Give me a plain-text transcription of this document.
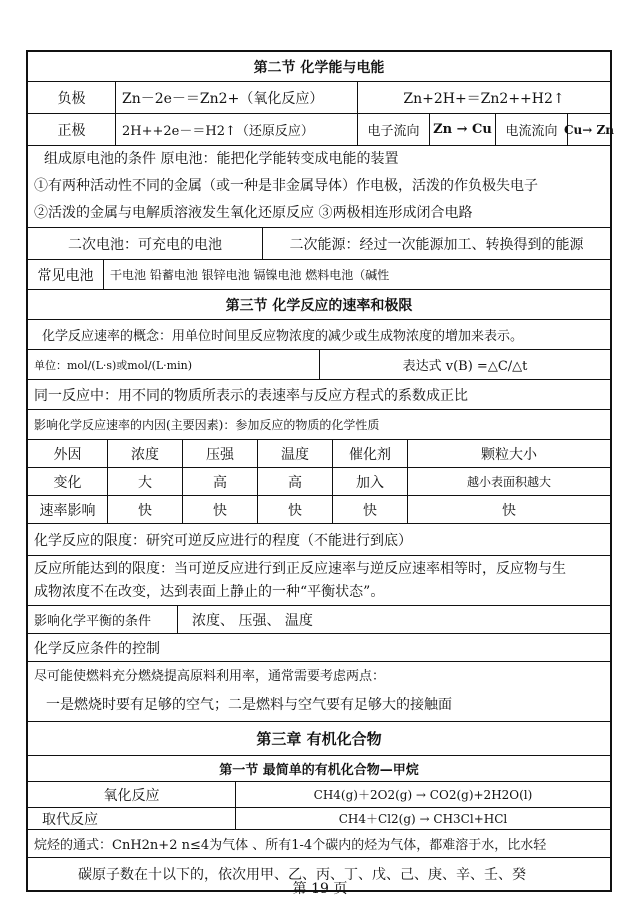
第二节 化学能与电能
负极	Zn－2e－＝Zn2+（氧化反应）	Zn+2H+＝Zn2++H2↑
正极	2H++2e－＝H2↑（还原反应）	电子流向 Zn → Cu 电流流向 Cu→ Zn
组成原电池的条件 原电池：能把化学能转变成电能的装置
①有两种活动性不同的金属（或一种是非金属导体）作电极，活泼的作负极失电子
②活泼的金属与电解质溶液发生氧化还原反应 ③两极相连形成闭合电路
二次电池：可充电的电池	二次能源：经过一次能源加工、转换得到的能源
常见电池 干电池 铅蓄电池 银锌电池 镉镍电池 燃料电池（碱性
第三节 化学反应的速率和极限
化学反应速率的概念：用单位时间里反应物浓度的减少或生成物浓度的增加来表示。
单位：mol/(L·s)或mol/(L·min)	表达式 v(B) =△C/△t
同一反应中：用不同的物质所表示的表速率与反应方程式的系数成正比
影响化学反应速率的内因(主要因素)：参加反应的物质的化学性质
外因	浓度	压强	温度	催化剂	颗粒大小
变化	大	高	高	加入	越小表面积越大
速率影响	快	快	快	快	快
化学反应的限度：研究可逆反应进行的程度（不能进行到底）
反应所能达到的限度：当可逆反应进行到正反应速率与逆反应速率相等时，反应物与生
成物浓度不在改变，达到表面上静止的一种“平衡状态”。
影响化学平衡的条件	浓度、 压强、 温度
化学反应条件的控制
尽可能使燃料充分燃烧提高原料利用率，通常需要考虑两点：
一是燃烧时要有足够的空气；二是燃料与空气要有足够大的接触面
第三章 有机化合物
第一节 最简单的有机化合物—甲烷
氧化反应	CH4(g)＋2O2(g) → CO2(g)+2H2O(l)
取代反应	CH4＋Cl2(g) → CH3Cl+HCl
烷烃的通式：CnH2n+2 n≤4为气体 、所有1-4个碳内的烃为气体，都难溶于水，比水轻
碳原子数在十以下的，依次用甲、乙、丙、丁、戊、己、庚、辛、壬、癸
第 19 页
